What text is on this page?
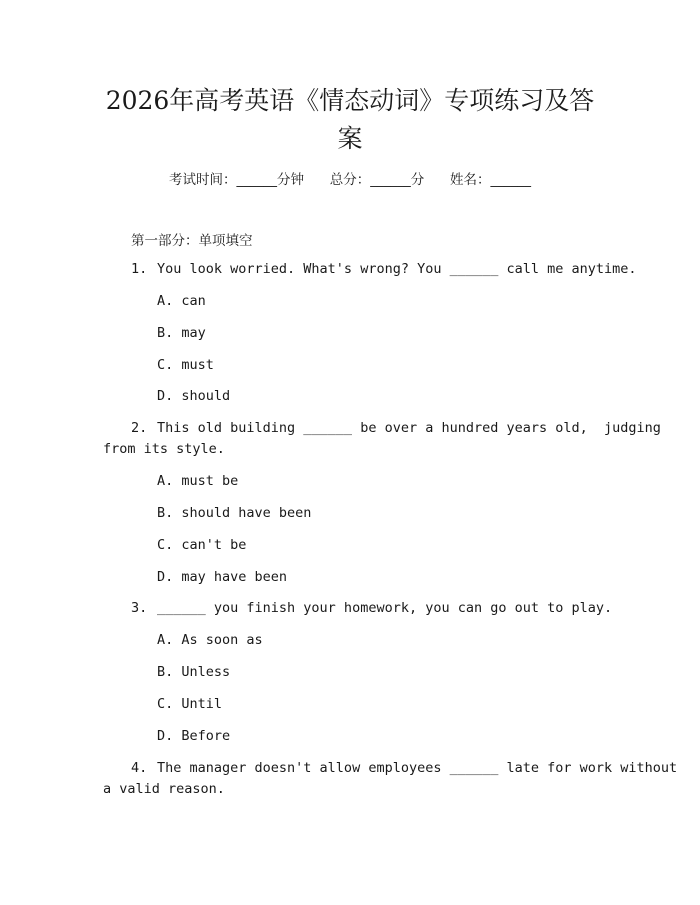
2026年高考英语《情态动词》专项练习及答
案
考试时间：______分钟      总分：______分      姓名：______
第一部分：单项填空
1. You look worried. What's wrong? You ______ call me anytime.
A. can
B. may
C. must
D. should
2. This old building ______ be over a hundred years old,  judging
from its style.
A. must be
B. should have been
C. can't be
D. may have been
3. ______ you finish your homework, you can go out to play.
A. As soon as
B. Unless
C. Until
D. Before
4. The manager doesn't allow employees ______ late for work without
a valid reason.
